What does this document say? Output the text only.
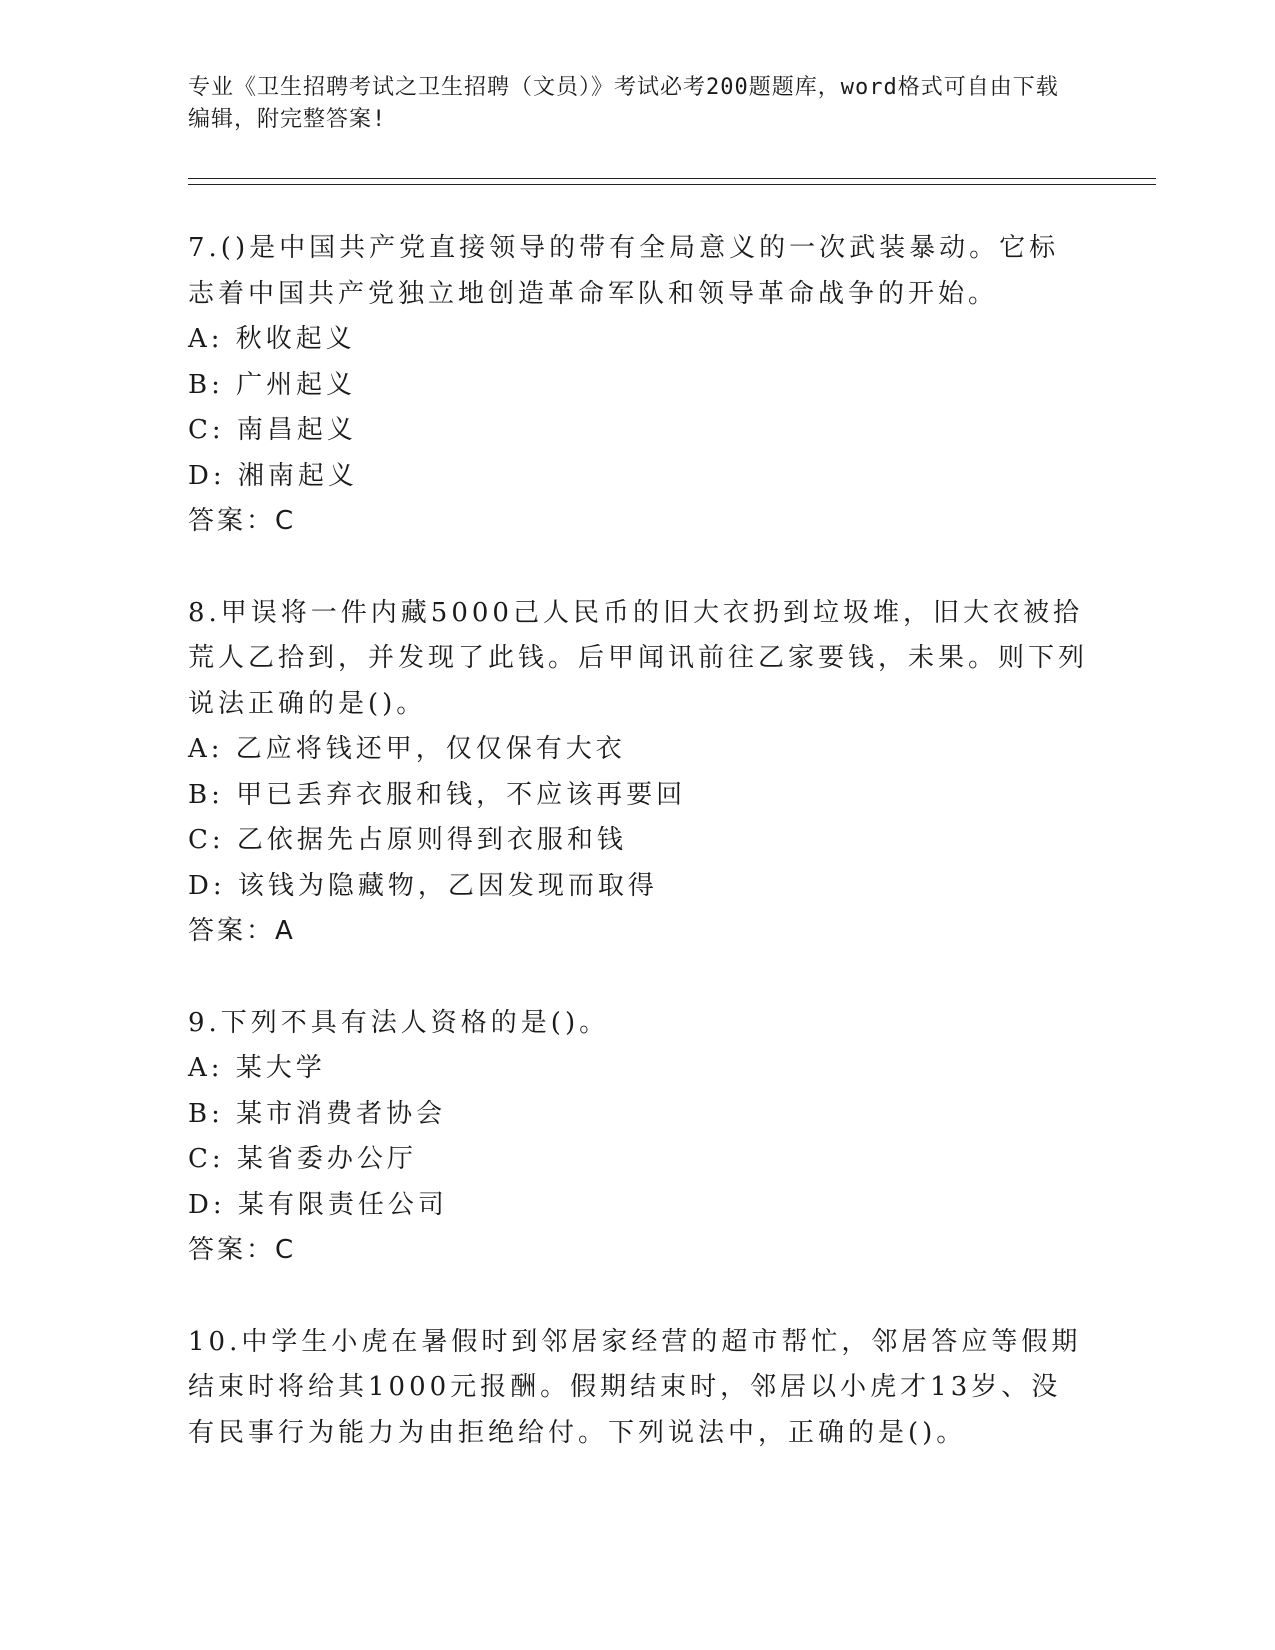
专业《卫生招聘考试之卫生招聘（文员）》考试必考200题题库，word格式可自由下载编辑，附完整答案!

7.()是中国共产党直接领导的带有全局意义的一次武装暴动。它标志着中国共产党独立地创造革命军队和领导革命战争的开始。

A: 秋收起义

B: 广州起义

C: 南昌起义

D: 湘南起义

答案：C

8.甲误将一件内藏5000己人民币的旧大衣扔到垃圾堆，旧大衣被拾荒人乙拾到，并发现了此钱。后甲闻讯前往乙家要钱，未果。则下列说法正确的是()。

A: 乙应将钱还甲，仅仅保有大衣

B: 甲已丢弃衣服和钱，不应该再要回

C: 乙依据先占原则得到衣服和钱

D: 该钱为隐藏物，乙因发现而取得

答案：A

9.下列不具有法人资格的是()。

A: 某大学

B: 某市消费者协会

C: 某省委办公厅

D: 某有限责任公司

答案：C

10.中学生小虎在暑假时到邻居家经营的超市帮忙，邻居答应等假期结束时将给其1000元报酬。假期结束时，邻居以小虎才13岁、没有民事行为能力为由拒绝给付。下列说法中，正确的是()。
